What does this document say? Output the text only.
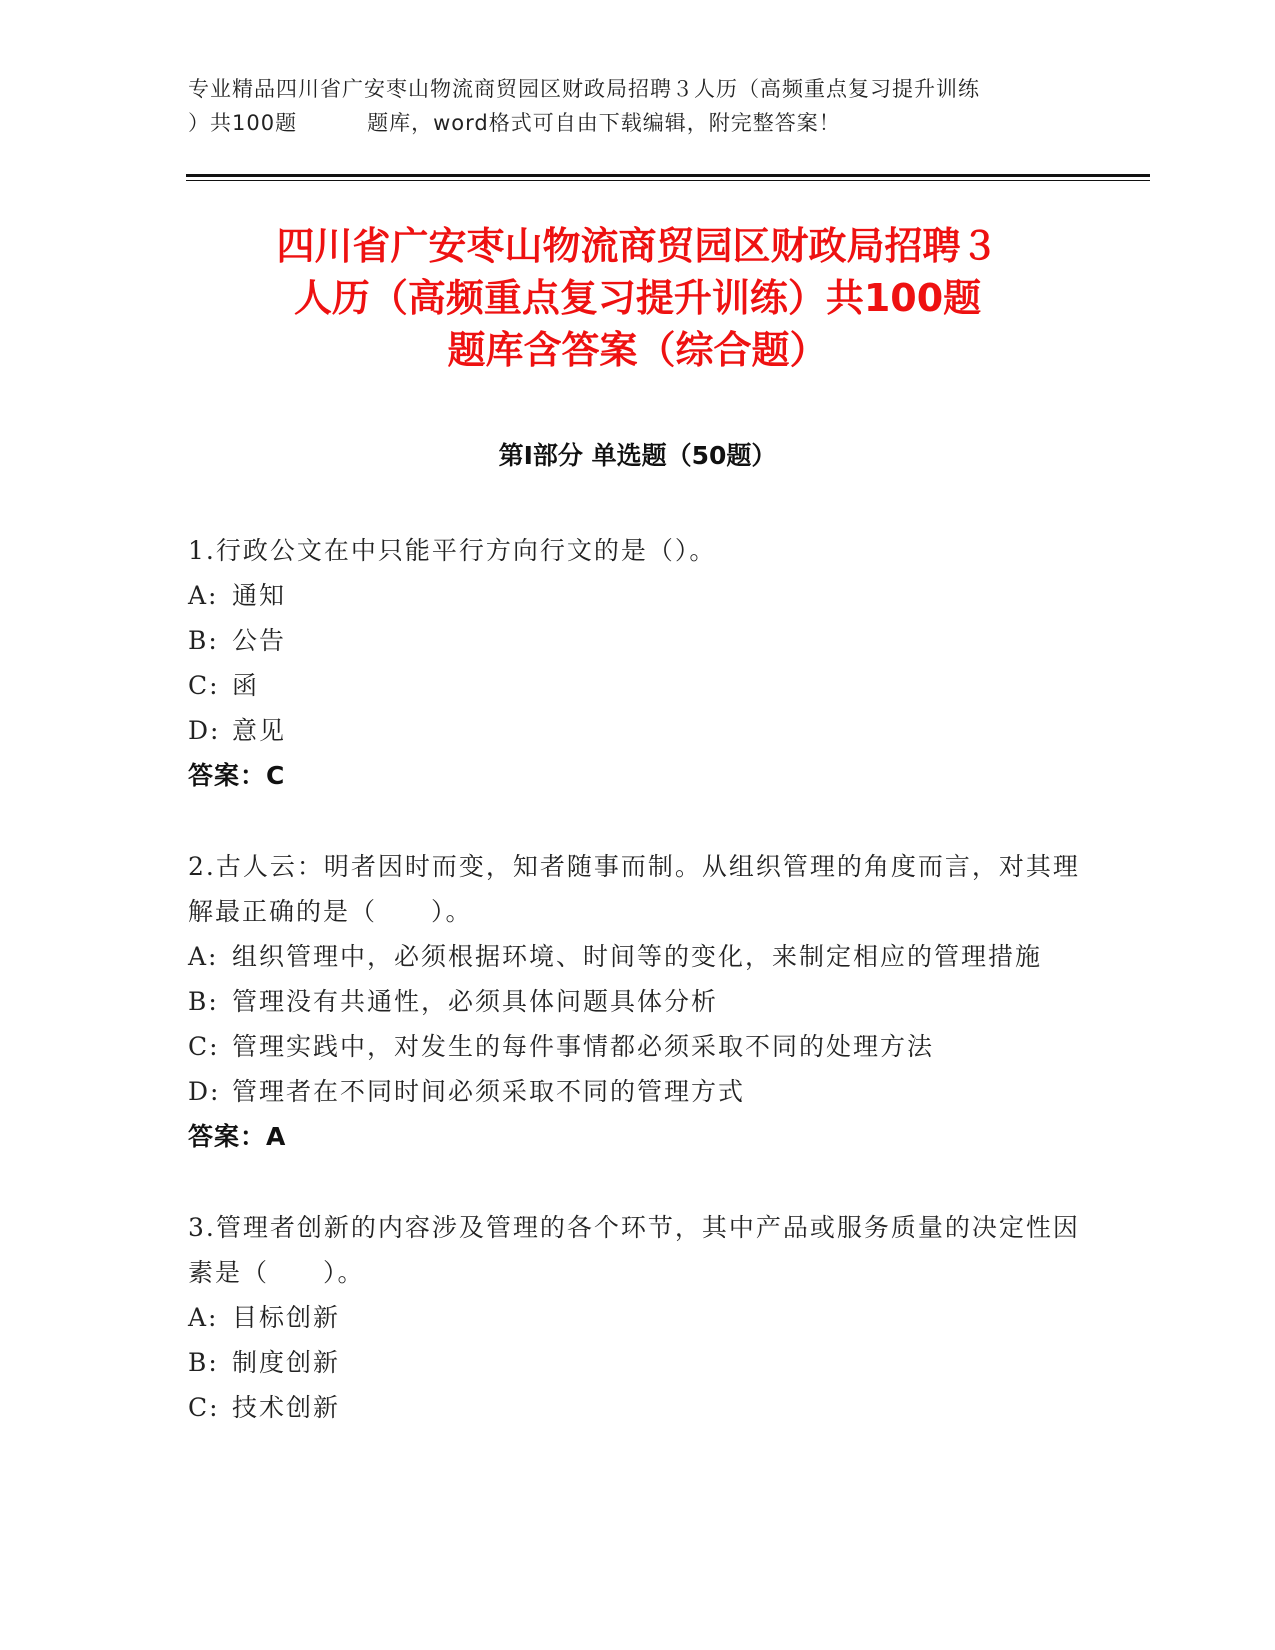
专业精品四川省广安枣山物流商贸园区财政局招聘３人历（高频重点复习提升训练
）共100题	题库，word格式可自由下载编辑，附完整答案！
四川省广安枣山物流商贸园区财政局招聘３
人历（高频重点复习提升训练）共100题
题库含答案（综合题）
第Ⅰ部分 单选题（50题）
1.行政公文在中只能平行方向行文的是（）。
A: 通知
B: 公告
C: 函
D: 意见
答案：C
2.古人云：明者因时而变，知者随事而制。从组织管理的角度而言，对其理解最正确的是（　　）。
A: 组织管理中，必须根据环境、时间等的变化，来制定相应的管理措施
B: 管理没有共通性，必须具体问题具体分析
C: 管理实践中，对发生的每件事情都必须采取不同的处理方法
D: 管理者在不同时间必须采取不同的管理方式
答案：A
3.管理者创新的内容涉及管理的各个环节，其中产品或服务质量的决定性因素是（　　）。
A: 目标创新
B: 制度创新
C: 技术创新
